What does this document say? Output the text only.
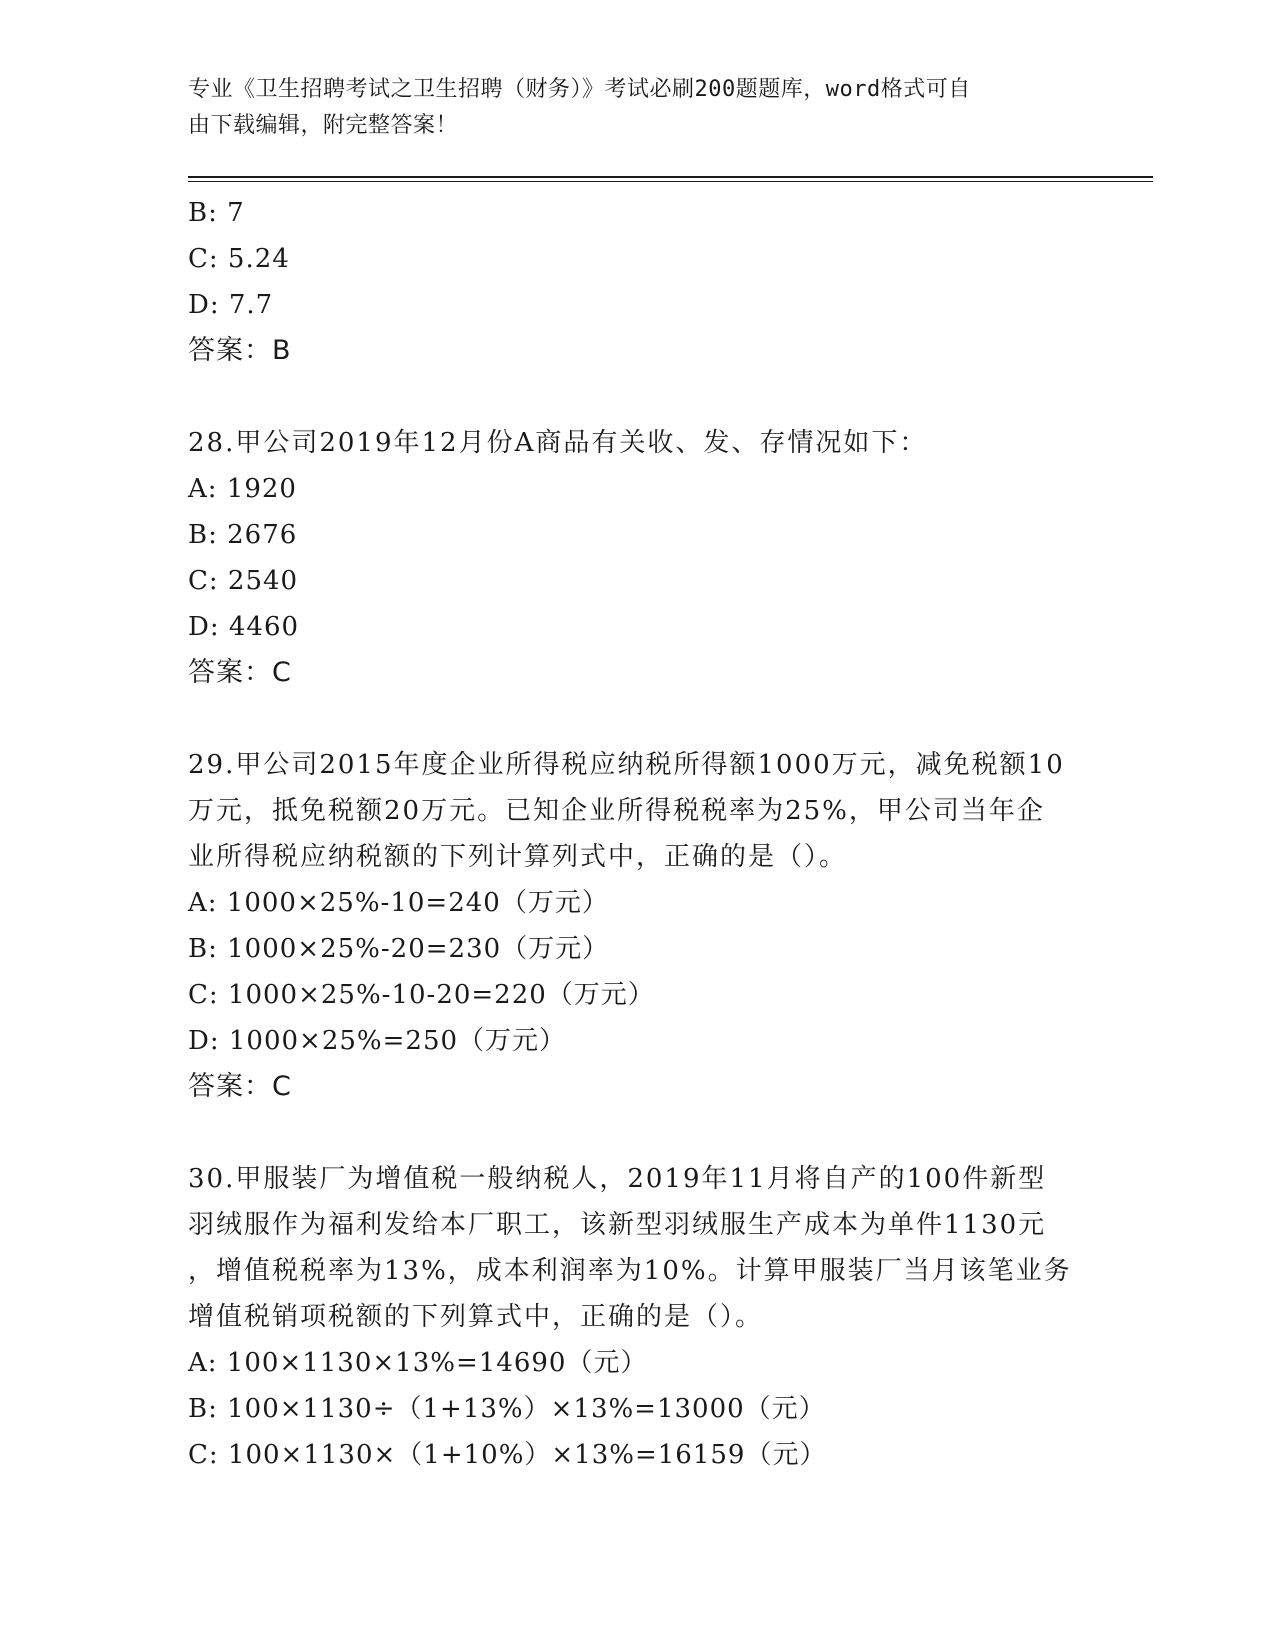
专业《卫生招聘考试之卫生招聘（财务）》考试必刷200题题库，word格式可自
由下载编辑，附完整答案！
B: 7
C: 5.24
D: 7.7
答案：B
28.甲公司2019年12月份A商品有关收、发、存情况如下：
A: 1920
B: 2676
C: 2540
D: 4460
答案：C
29.甲公司2015年度企业所得税应纳税所得额1000万元，减免税额10
万元，抵免税额20万元。已知企业所得税税率为25%，甲公司当年企
业所得税应纳税额的下列计算列式中，正确的是（）。
A: 1000×25%-10=240（万元）
B: 1000×25%-20=230（万元）
C: 1000×25%-10-20=220（万元）
D: 1000×25%=250（万元）
答案：C
30.甲服装厂为增值税一般纳税人，2019年11月将自产的100件新型
羽绒服作为福利发给本厂职工，该新型羽绒服生产成本为单件1130元
，增值税税率为13%，成本利润率为10%。计算甲服装厂当月该笔业务
增值税销项税额的下列算式中，正确的是（）。
A: 100×1130×13%=14690（元）
B: 100×1130÷（1+13%）×13%=13000（元）
C: 100×1130×（1+10%）×13%=16159（元）
